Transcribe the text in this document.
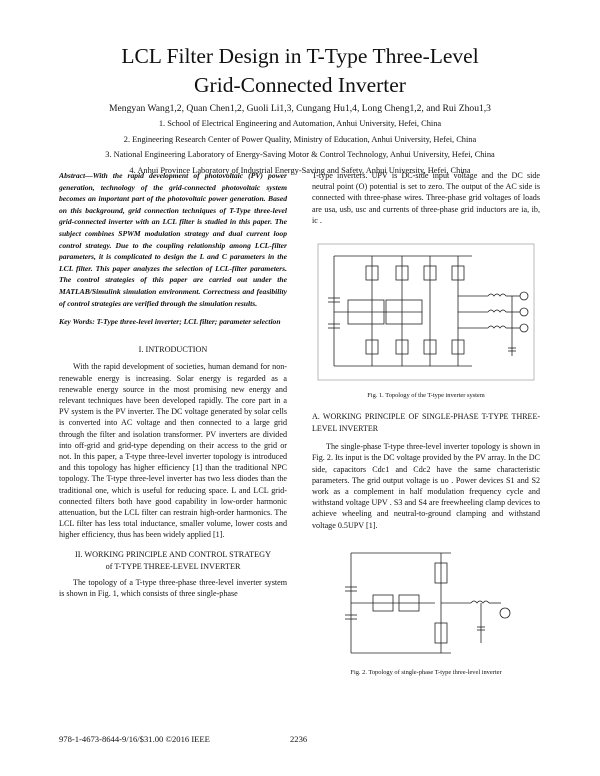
LCL Filter Design in T-Type Three-Level
Grid-Connected Inverter
Mengyan Wang1,2, Quan Chen1,2, Guoli Li1,3, Cungang Hu1,4, Long Cheng1,2, and Rui Zhou1,3
1. School of Electrical Engineering and Automation, Anhui University, Hefei, China
2. Engineering Research Center of Power Quality, Ministry of Education, Anhui University, Hefei, China
3. National Engineering Laboratory of Energy-Saving Motor & Control Technology, Anhui University, Hefei, China
4. Anhui Province Laboratory of Industrial Energy-Saving and Safety, Anhui University, Hefei, China
Abstract—With the rapid development of photovoltaic (PV) power generation, technology of the grid-connected photovoltaic system becomes an important part of the photovoltaic power generation. Based on this background, grid connection techniques of T-Type three-level grid-connected inverter with an LCL filter is studied in this paper. The subject combines SPWM modulation strategy and dual current loop control strategy. Due to the coupling relationship among LCL-filter parameters, it is complicated to design the L and C parameters in the LCL filter. This paper analyzes the selection of LCL-filter parameters. The control strategies of this paper are carried out under the MATLAB/Simulink simulation environment. Correctness and feasibility of control strategies are verified through the simulation results.
Key Words: T-Type three-level inverter; LCL filter; parameter selection
I. INTRODUCTION

With the rapid development of societies, human demand for non-renewable energy is increasing. Solar energy is regarded as a renewable energy source in the most promising new energy and relevant techniques have been developed rapidly. The core part in a PV system is the PV inverter. The DC voltage generated by solar cells is converted into AC voltage and then connected to a large grid through the filter and isolation transformer. PV inverters are divided into off-grid and grid-type depending on their access to the grid or not. In this paper, a T-type three-level inverter topology is introduced and this topology has higher efficiency [1] than the traditional NPC topology. The T-type three-level inverter has two less diodes than the traditional one, which is useful for reducing space. L and LCL grid-connected filters both have good capability in low-order harmonic attenuation, but the LCL filter can restrain high-order harmonics. The LCL filter has less total inductance, smaller volume, lower costs and higher efficiency, thus has been widely applied [1].

II. WORKING PRINCIPLE AND CONTROL STRATEGY
of T-TYPE THREE-LEVEL INVERTER

The topology of a T-type three-phase three-level inverter system is shown in Fig. 1, which consists of three single-phase

T-type inverters. UPV is DC-side input voltage and the DC side neutral point (O) potential is set to zero. The output of the AC side is connected with three-phase wires. Three-phase grid voltages of loads are usa, usb, usc and currents of three-phase grid inductors are ia, ib, ic .

Fig. 1. Topology of the T-type inverter system
A. WORKING PRINCIPLE OF SINGLE-PHASE T-TYPE THREE-LEVEL INVERTER

The single-phase T-type three-level inverter topology is shown in Fig. 2. Its input is the DC voltage provided by the PV array. In the DC side, capacitors Cdc1 and Cdc2 have the same characteristic parameters. The grid output voltage is uo . Power devices S1 and S2 work as a complement in half modulation frequency cycle and withstand voltage UPV . S3 and S4 are freewheeling clamp devices to achieve wheeling and neutral-to-ground clamping and withstand voltage 0.5UPV [1].

Fig. 2. Topology of single-phase T-type three-level inverter
978-1-4673-8644-9/16/$31.00 ©2016 IEEE	2236
